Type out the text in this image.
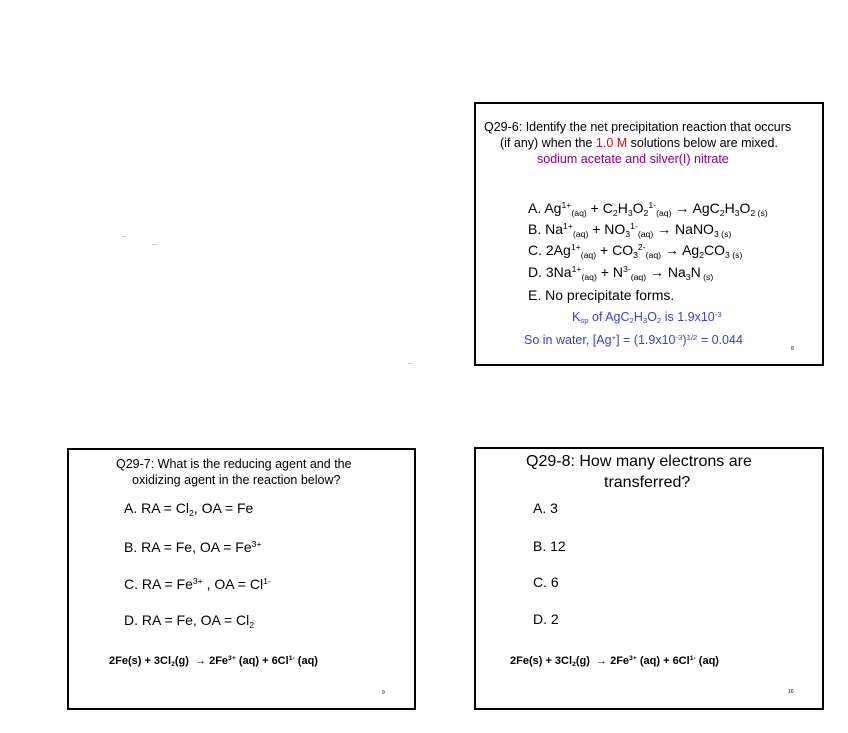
Q29-6: Identify the net precipitation reaction that occurs
(if any) when the 1.0 M solutions below are mixed.
sodium acetate and silver(I) nitrate
A. $Ag^{1+}_{(aq)} + C_2H_3O_2^{1-}_{(aq)} \to AgC_2H_3O_2$ $_{(s)}$
B. $Na^{1+}_{(aq)} + NO_3^{1-}_{(aq)}$ → NaNO$_{3 (s)}$
C. $2Ag^{1+}_{(aq)} + CO_3^{2-}_{(aq)} \to Ag_2CO_{3 (s)}$
D. $3Na^{1+}_{(aq)} + N^{3-}_{(aq)} \to Na_3N$ $_{(s)}$
E. No precipitate forms.
$K_{sp}$ of $AgC_2H_3O_2$ is $1.9x10^{-3}$
So in water, $[Ag^+] = (1.9x10^{-3})^{1/2} = 0.044$
8
Q29-7: What is the reducing agent and the
oxidizing agent in the reaction below?
A. RA = $Cl_2$, OA = Fe
B. RA = Fe, OA = $Fe^{3+}$
C. RA = $Fe^{3+}$ , OA = $Cl^{1-}$
D. RA = Fe, OA = $Cl_2$
$2Fe(s) + 3Cl_2(g) \to 2Fe^{3+}$ $(aq) + 6Cl^{1-}$ (aq)
9
Q29-8: How many electrons are
transferred?
A. 3
B. 12
C. 6
D. 2
$2Fe(s) + 3Cl_2(g) \to 2Fe^{3+}$ $(aq) + 6Cl^{1-}$ (aq)
10
